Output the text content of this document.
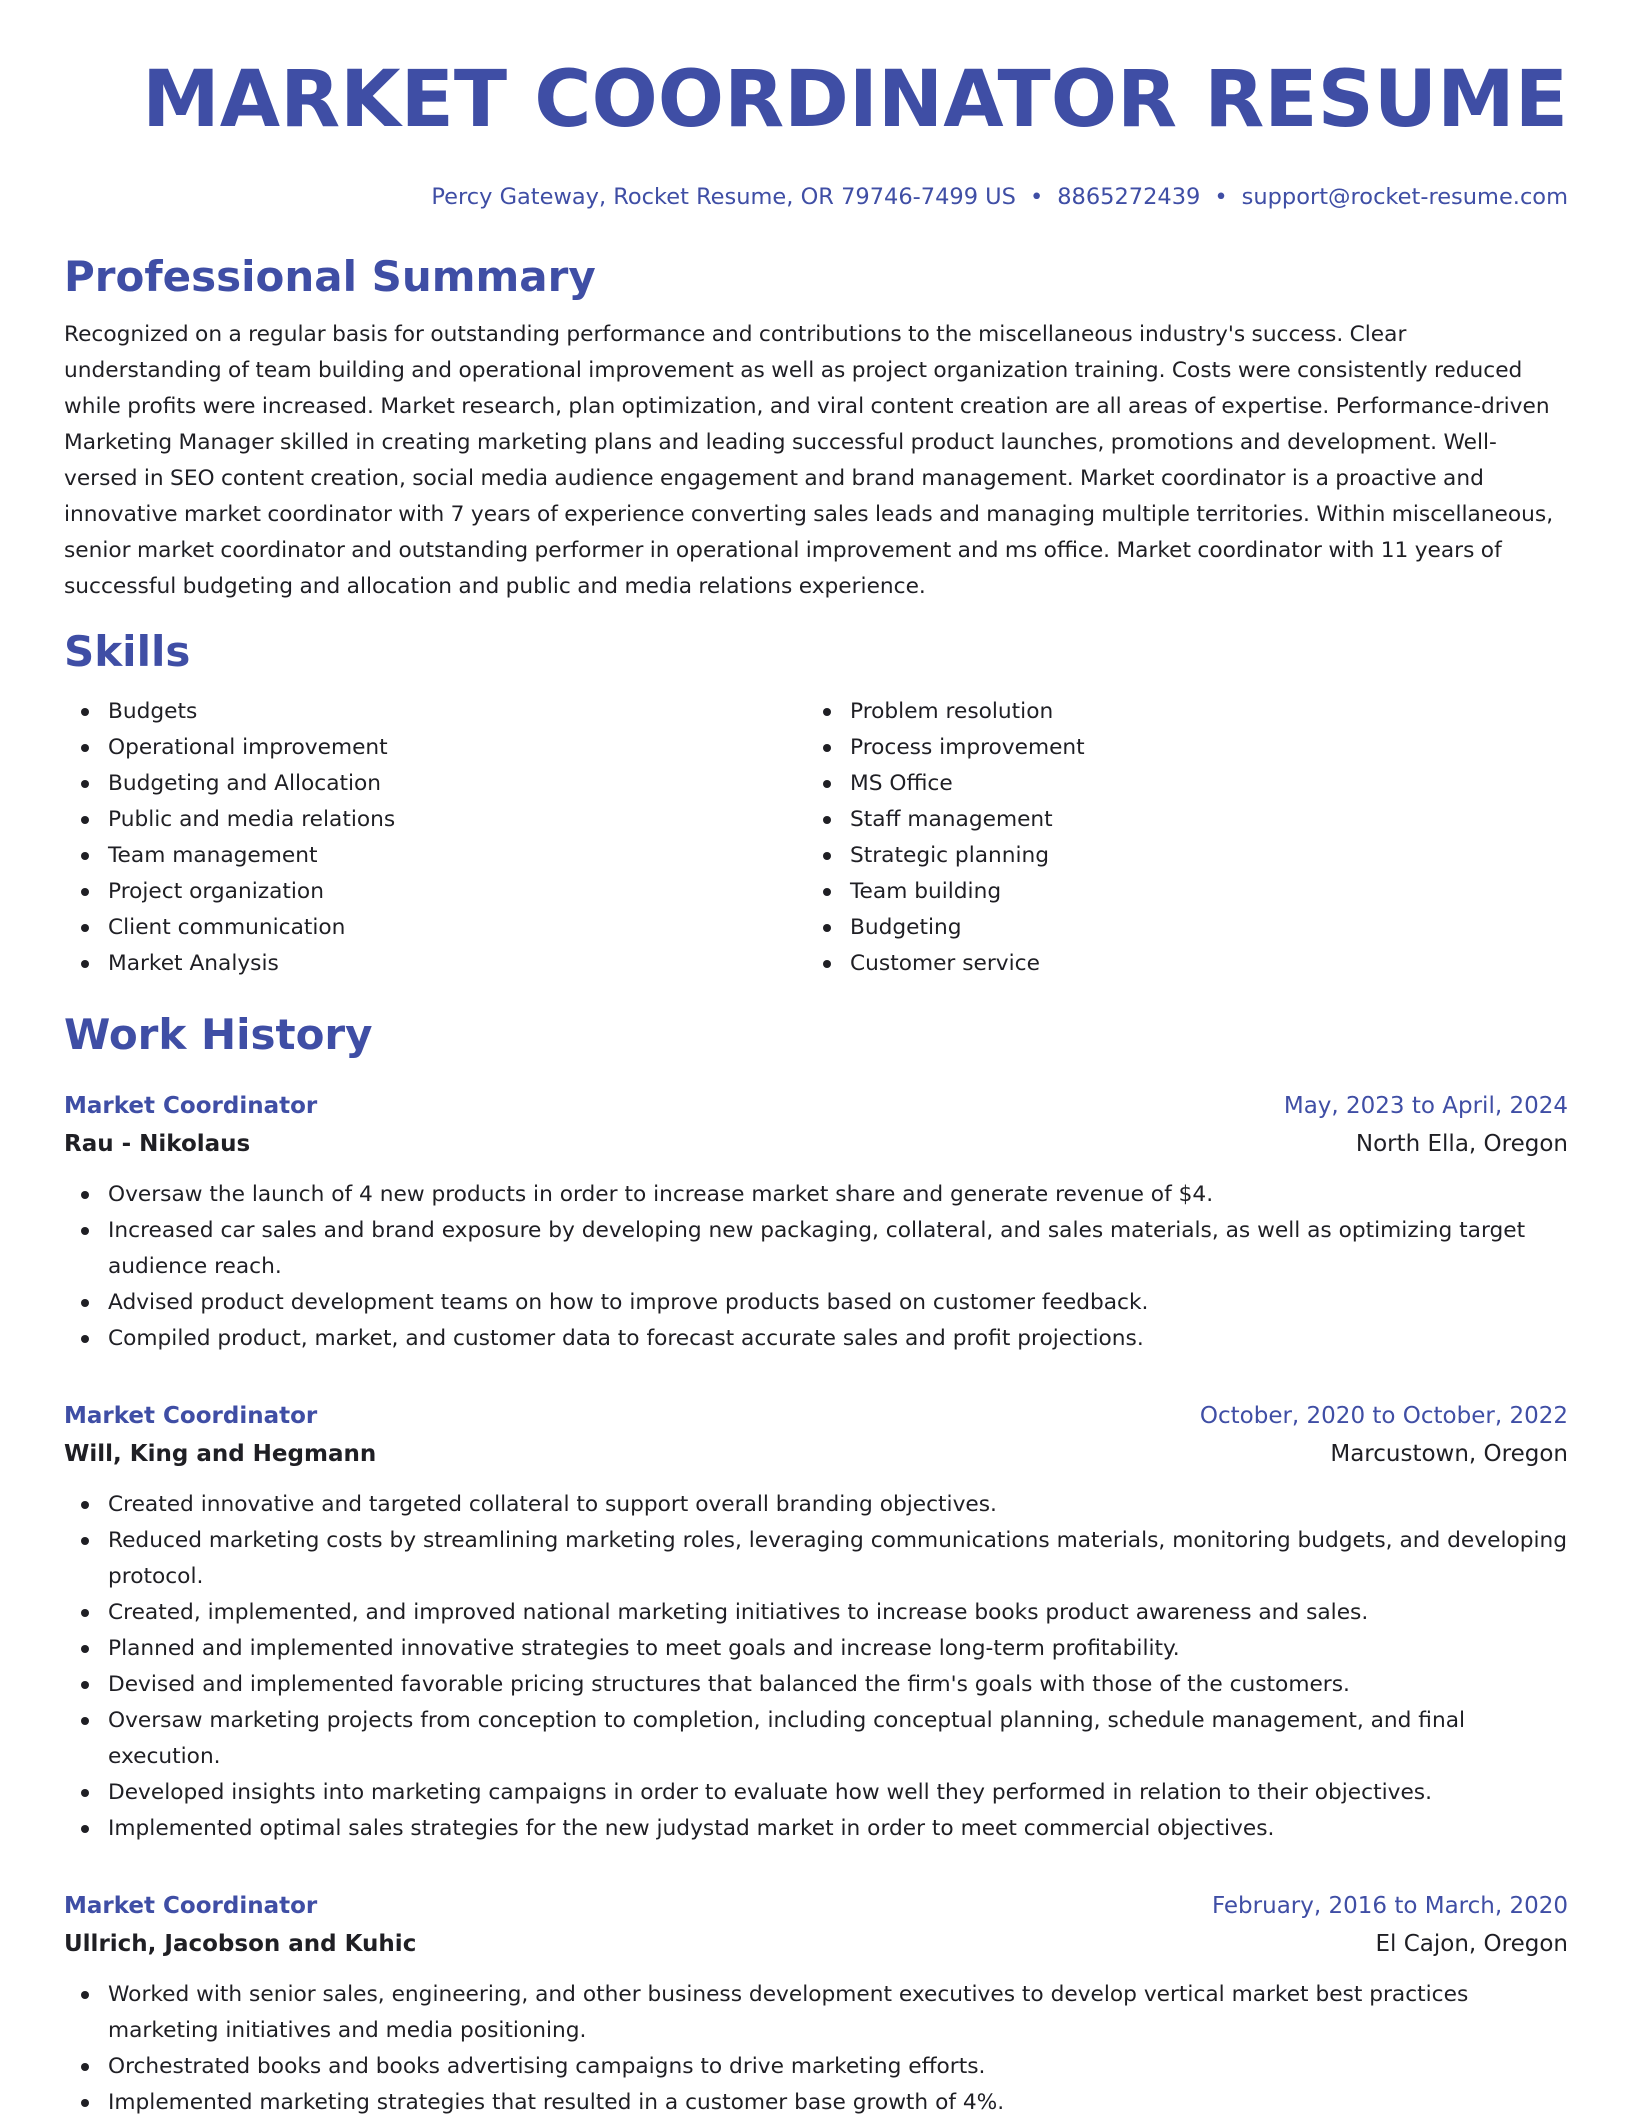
MARKET COORDINATOR RESUME
Percy Gateway, Rocket Resume, OR 79746-7499 US • 8865272439 • support@rocket-resume.com
Professional Summary
Recognized on a regular basis for outstanding performance and contributions to the miscellaneous industry's success. Clear understanding of team building and operational improvement as well as project organization training. Costs were consistently reduced while profits were increased. Market research, plan optimization, and viral content creation are all areas of expertise. Performance-driven Marketing Manager skilled in creating marketing plans and leading successful product launches, promotions and development. Well-versed in SEO content creation, social media audience engagement and brand management. Market coordinator is a proactive and innovative market coordinator with 7 years of experience converting sales leads and managing multiple territories. Within miscellaneous, senior market coordinator and outstanding performer in operational improvement and ms office. Market coordinator with 11 years of successful budgeting and allocation and public and media relations experience.
Skills
Budgets
Operational improvement
Budgeting and Allocation
Public and media relations
Team management
Project organization
Client communication
Market Analysis
Problem resolution
Process improvement
MS Office
Staff management
Strategic planning
Team building
Budgeting
Customer service
Work History
Market Coordinator	May, 2023 to April, 2024
Rau - Nikolaus	North Ella, Oregon
Oversaw the launch of 4 new products in order to increase market share and generate revenue of $4.
Increased car sales and brand exposure by developing new packaging, collateral, and sales materials, as well as optimizing target audience reach.
Advised product development teams on how to improve products based on customer feedback.
Compiled product, market, and customer data to forecast accurate sales and profit projections.
Market Coordinator	October, 2020 to October, 2022
Will, King and Hegmann	Marcustown, Oregon
Created innovative and targeted collateral to support overall branding objectives.
Reduced marketing costs by streamlining marketing roles, leveraging communications materials, monitoring budgets, and developing protocol.
Created, implemented, and improved national marketing initiatives to increase books product awareness and sales.
Planned and implemented innovative strategies to meet goals and increase long-term profitability.
Devised and implemented favorable pricing structures that balanced the firm's goals with those of the customers.
Oversaw marketing projects from conception to completion, including conceptual planning, schedule management, and final execution.
Developed insights into marketing campaigns in order to evaluate how well they performed in relation to their objectives.
Implemented optimal sales strategies for the new judystad market in order to meet commercial objectives.
Market Coordinator	February, 2016 to March, 2020
Ullrich, Jacobson and Kuhic	El Cajon, Oregon
Worked with senior sales, engineering, and other business development executives to develop vertical market best practices marketing initiatives and media positioning.
Orchestrated books and books advertising campaigns to drive marketing efforts.
Implemented marketing strategies that resulted in a customer base growth of 4%.
